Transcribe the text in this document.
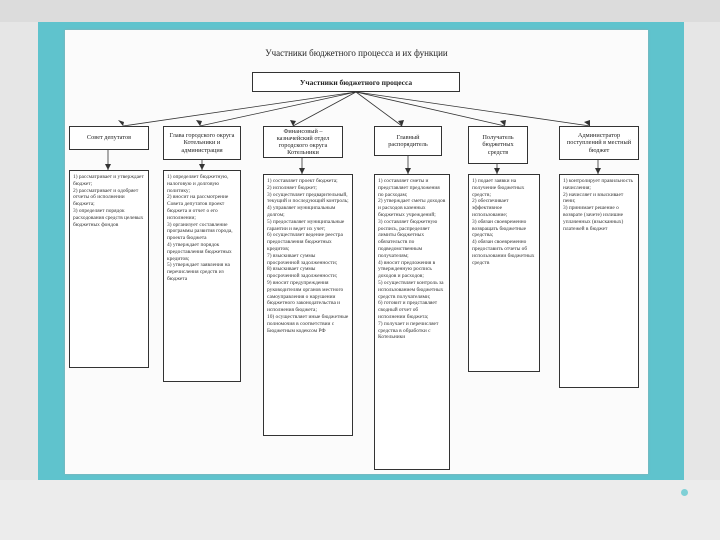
Участники бюджетного процесса и их функции
Участники бюджетного процесса
Совет депутатов	Глава городского округа Котельники и администрация
Финансовый – казначейский отдел городского округа Котельники
Главный распорядитель
Получатель бюджетных средств
Администратор поступлений в местный бюджет
1) рассматривает и утверждает бюджет;
2) рассматривает и одобряет отчеты об исполнении бюджета;
3) определяет порядок расходования средств целевых бюджетных фондов
1) определяет бюджетную, налоговую и долговую политику;
2) вносит на рассмотрение Совета депутатов проект бюджета и отчет о его исполнении;
3) организует составление программы развития города, проекта бюджета
4) утверждает порядок предоставления бюджетных кредитов;
5) утверждает заявления на перечисления средств из бюджета
1) составляет проект бюджета;
2) исполняет бюджет;
3) осуществляет предварительный, текущий и последующий контроль;
4) управляет муниципальным долгом;
5) предоставляет муниципальные гарантии и ведет их учет;
6) осуществляет ведение реестра предоставления бюджетных кредитов;
7) взыскивает суммы просроченной задолженности;
8) взыскивает суммы просроченной задолженности;
9) вносит предупреждения руководителям органов местного самоуправления о нарушении бюджетного законодательства и исполнения бюджета;
10) осуществляет иные бюджетные полномочия в соответствии с Бюджетным кодексом РФ
1) составляет сметы и представляет предложения по расходам;
2) утверждает сметы доходов и расходов казенных бюджетных учреждений;
3) составляет бюджетную роспись, распределяет лимиты бюджетных обязательств по подведомственным получателям;
4) вносит предложения в утвержденную роспись доходов и расходов;
5) осуществляет контроль за использованием бюджетных средств получателями;
6) готовит и представляет сводный отчет об исполнении бюджета;
7) получает и перечисляет средства в обработки с Котельники
1) подает заявки на получение бюджетных средств;
2) обеспечивает эффективное использование;
3) обязан своевременно возвращать бюджетные средства;
4) обязан своевременно предоставить отчеты об использовании бюджетных средств
1) контролирует правильность начисления;
2) начисляет и взыскивает пени;
3) принимает решение о возврате (зачете) излишне уплаченных (взысканных) платежей в бюджет
